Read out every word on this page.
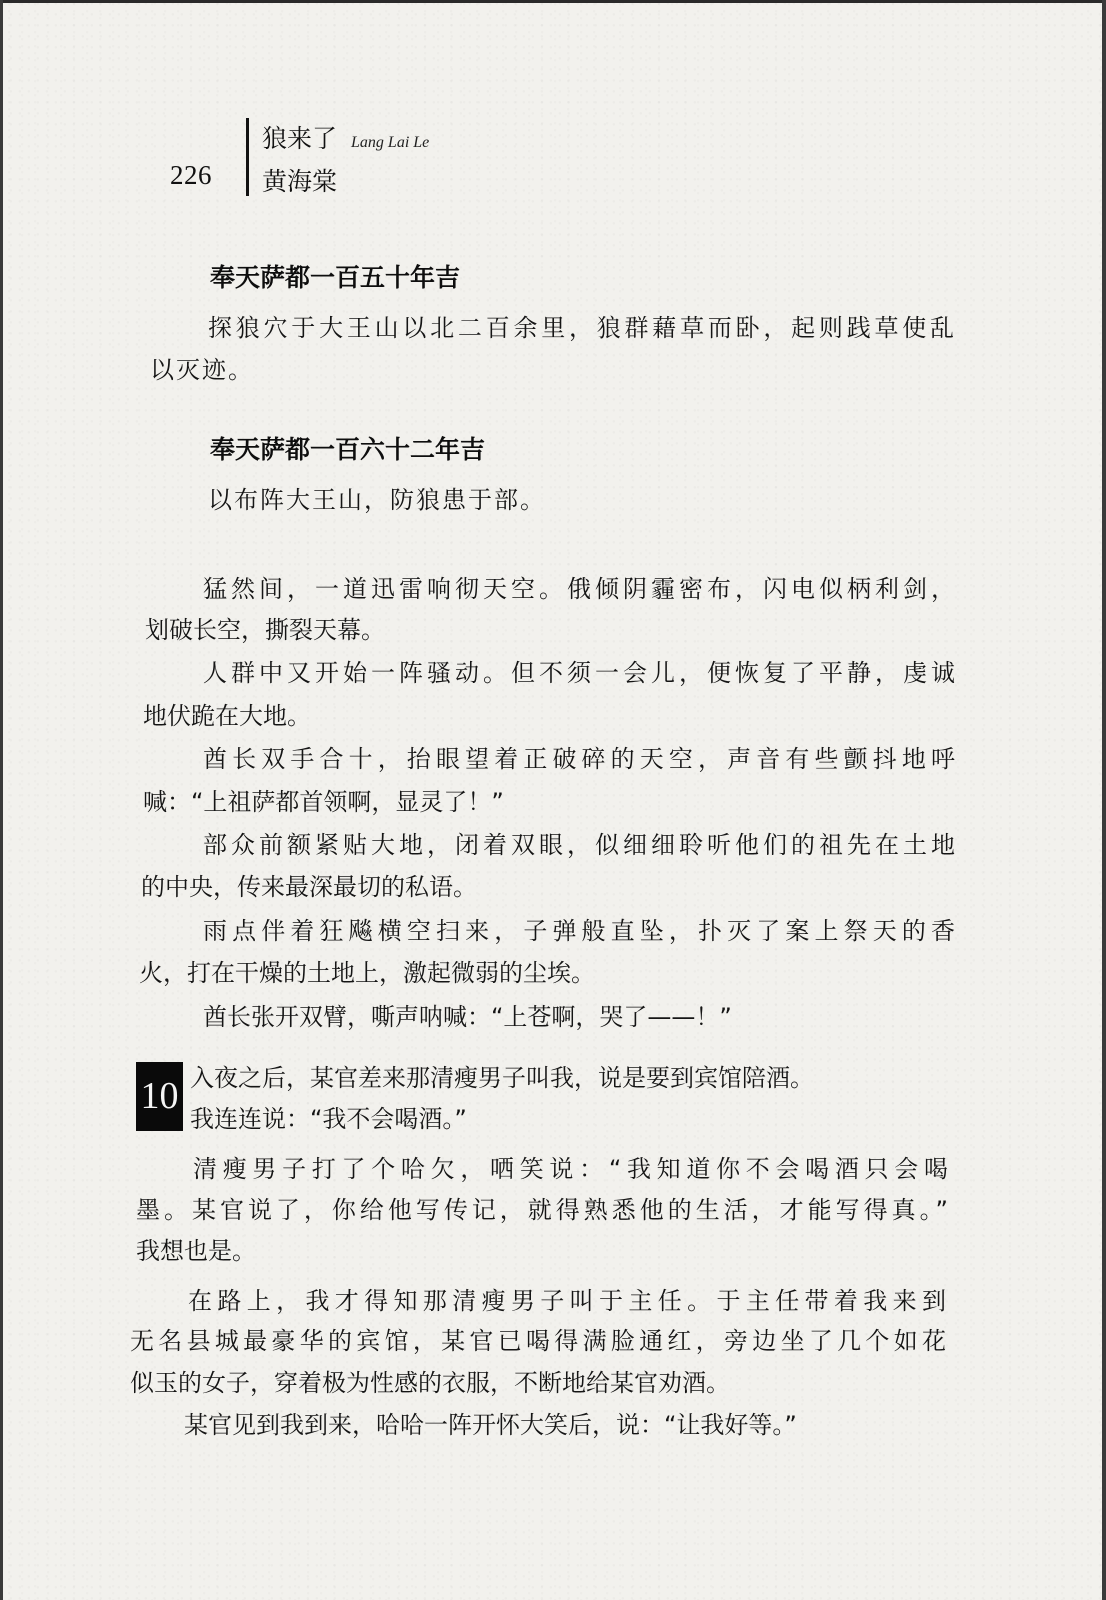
226
狼来了 Lang Lai Le
黄海棠
奉天萨都一百五十年吉
探狼穴于大王山以北二百余里，狼群藉草而卧，起则践草使乱
以灭迹。
奉天萨都一百六十二年吉
以布阵大王山，防狼患于部。
猛然间，一道迅雷响彻天空。俄倾阴霾密布，闪电似柄利剑，
划破长空，撕裂天幕。
人群中又开始一阵骚动。但不须一会儿，便恢复了平静，虔诚
地伏跪在大地。
酋长双手合十，抬眼望着正破碎的天空，声音有些颤抖地呼
喊：“上祖萨都首领啊，显灵了！”
部众前额紧贴大地，闭着双眼，似细细聆听他们的祖先在土地
的中央，传来最深最切的私语。
雨点伴着狂飚横空扫来，子弹般直坠，扑灭了案上祭天的香
火，打在干燥的土地上，激起微弱的尘埃。
酋长张开双臂，嘶声呐喊：“上苍啊，哭了——！”
10 入夜之后，某官差来那清瘦男子叫我，说是要到宾馆陪酒。
我连连说：“我不会喝酒。”
清瘦男子打了个哈欠，哂笑说：“我知道你不会喝酒只会喝
墨。某官说了，你给他写传记，就得熟悉他的生活，才能写得真。”
我想也是。
在路上，我才得知那清瘦男子叫于主任。于主任带着我来到
无名县城最豪华的宾馆，某官已喝得满脸通红，旁边坐了几个如花
似玉的女子，穿着极为性感的衣服，不断地给某官劝酒。
某官见到我到来，哈哈一阵开怀大笑后，说：“让我好等。”
